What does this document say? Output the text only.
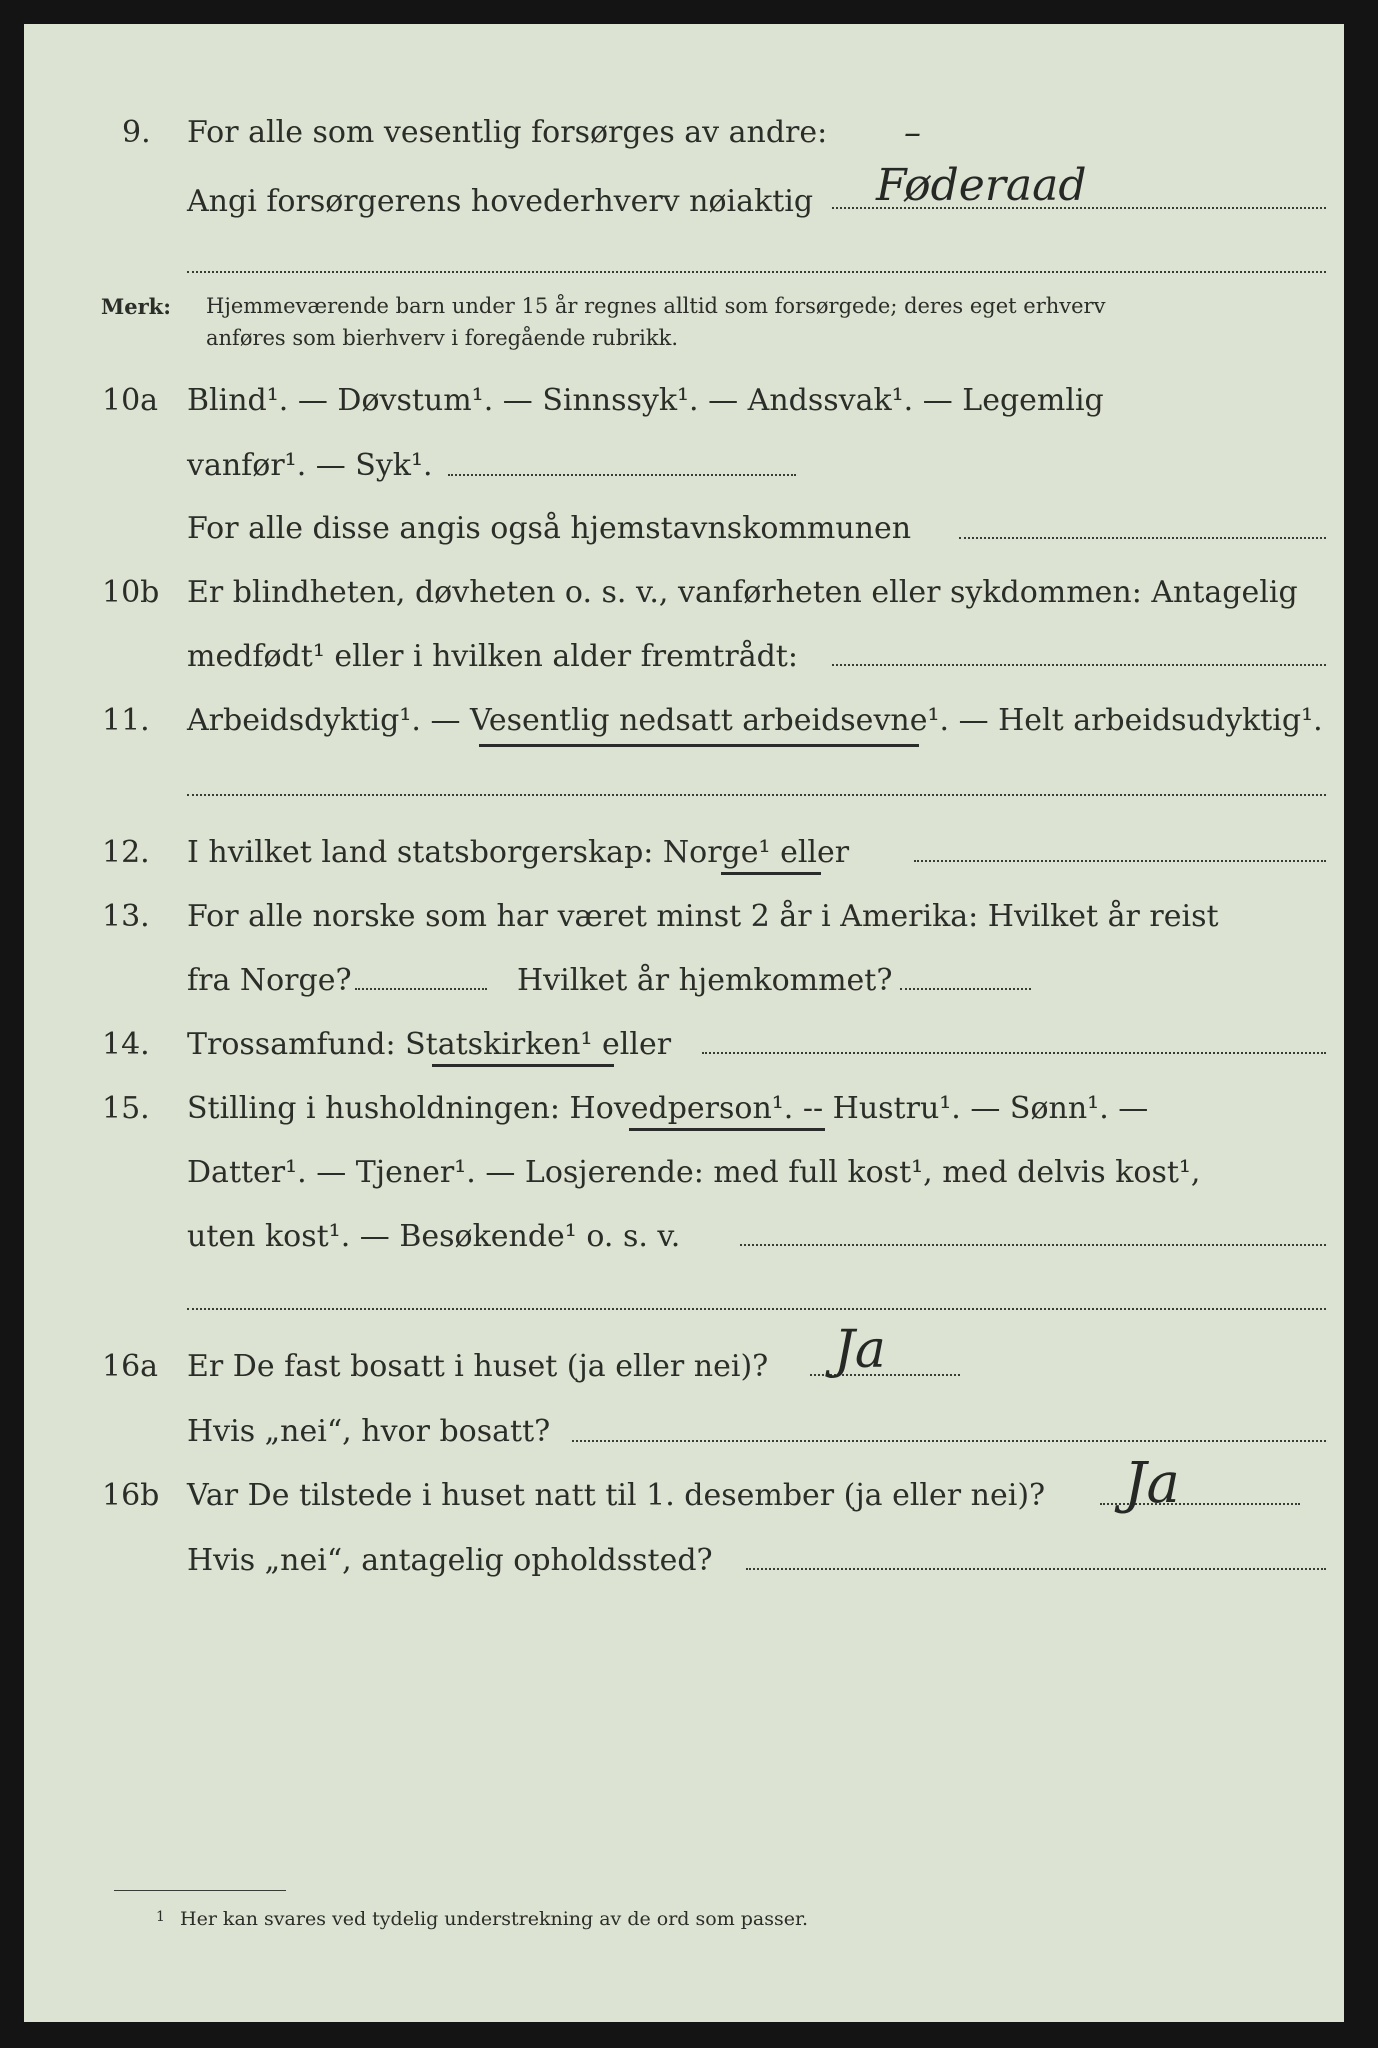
9. For alle som vesentlig forsørges av andre: –
Angi forsørgerens hovederhverv nøiaktig Føderaad
Merk: Hjemmeværende barn under 15 år regnes alltid som forsørgede; deres eget erhverv
anføres som bierhverv i foregående rubrikk.
10a Blind¹. — Døvstum¹. — Sinnssyk¹. — Andssvak¹. — Legemlig
vanfør¹. — Syk¹.
For alle disse angis også hjemstavnskommunen
10b Er blindheten, døvheten o. s. v., vanførheten eller sykdommen: Antagelig
medfødt¹ eller i hvilken alder fremtrådt:
11. Arbeidsdyktig¹. — Vesentlig nedsatt arbeidsevne¹. — Helt arbeidsudyktig¹.
12. I hvilket land statsborgerskap: Norge¹ eller
13. For alle norske som har været minst 2 år i Amerika: Hvilket år reist
fra Norge?	Hvilket år hjemkommet?
14. Trossamfund: Statskirken¹ eller
15. Stilling i husholdningen: Hovedperson¹. -- Hustru¹. — Sønn¹. —
Datter¹. — Tjener¹. — Losjerende: med full kost¹, med delvis kost¹,
uten kost¹. — Besøkende¹ o. s. v.
16a Er De fast bosatt i huset (ja eller nei)? Ja
Hvis „nei“, hvor bosatt?
16b Var De tilstede i huset natt til 1. desember (ja eller nei)? Ja
Hvis „nei“, antagelig opholdssted?
1 Her kan svares ved tydelig understrekning av de ord som passer.
